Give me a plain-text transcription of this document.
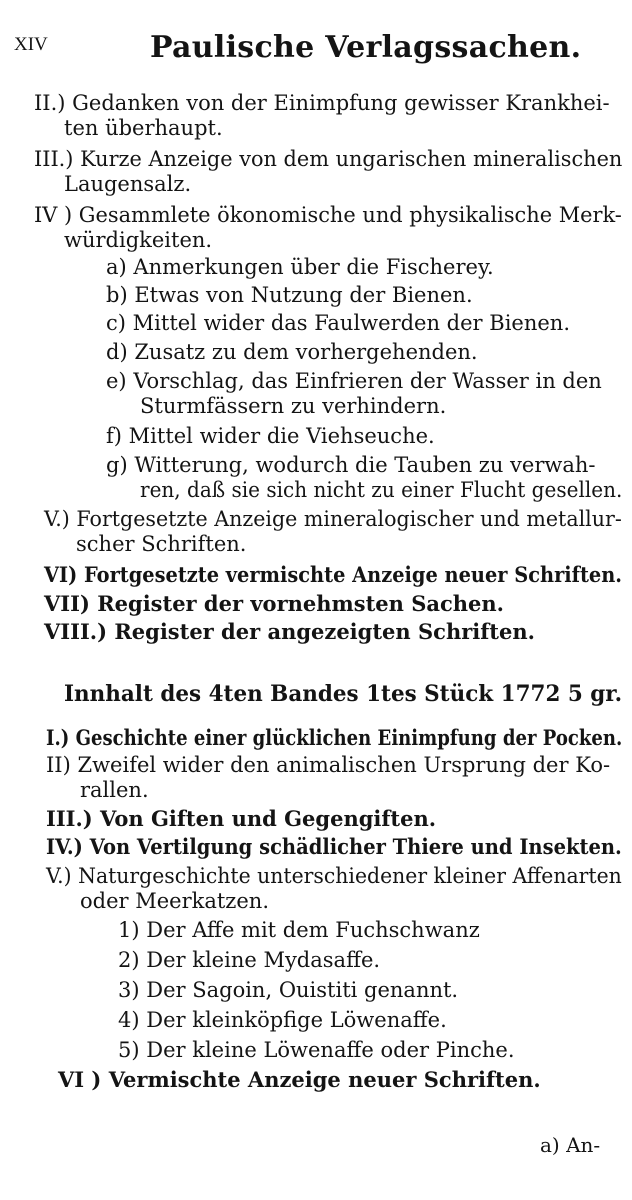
XIV	Paulische Verlagssachen.
II.) Gedanken von der Einimpfung gewisser Krankhei-
ten überhaupt.
III.) Kurze Anzeige von dem ungarischen mineralischen
Laugensalz.
IV ) Gesammlete ökonomische und physikalische Merk-
würdigkeiten.
a) Anmerkungen über die Fischerey.
b) Etwas von Nutzung der Bienen.
c) Mittel wider das Faulwerden der Bienen.
d) Zusatz zu dem vorhergehenden.
e) Vorschlag, das Einfrieren der Wasser in den
Sturmfässern zu verhindern.
f) Mittel wider die Viehseuche.
g) Witterung, wodurch die Tauben zu verwah-
ren, daß sie sich nicht zu einer Flucht gesellen.
V.) Fortgesetzte Anzeige mineralogischer und metallur-
scher Schriften.
VI) Fortgesetzte vermischte Anzeige neuer Schriften.
VII) Register der vornehmsten Sachen.
VIII.) Register der angezeigten Schriften.
Innhalt des 4ten Bandes 1tes Stück 1772 5 gr.
I.) Geschichte einer glücklichen Einimpfung der Pocken.
II) Zweifel wider den animalischen Ursprung der Ko-
rallen.
III.) Von Giften und Gegengiften.
IV.) Von Vertilgung schädlicher Thiere und Insekten.
V.) Naturgeschichte unterschiedener kleiner Affenarten
oder Meerkatzen.
1) Der Affe mit dem Fuchschwanz
2) Der kleine Mydasaffe.
3) Der Sagoin, Ouistiti genannt.
4) Der kleinköpfige Löwenaffe.
5) Der kleine Löwenaffe oder Pinche.
VI ) Vermischte Anzeige neuer Schriften.
a) An-
